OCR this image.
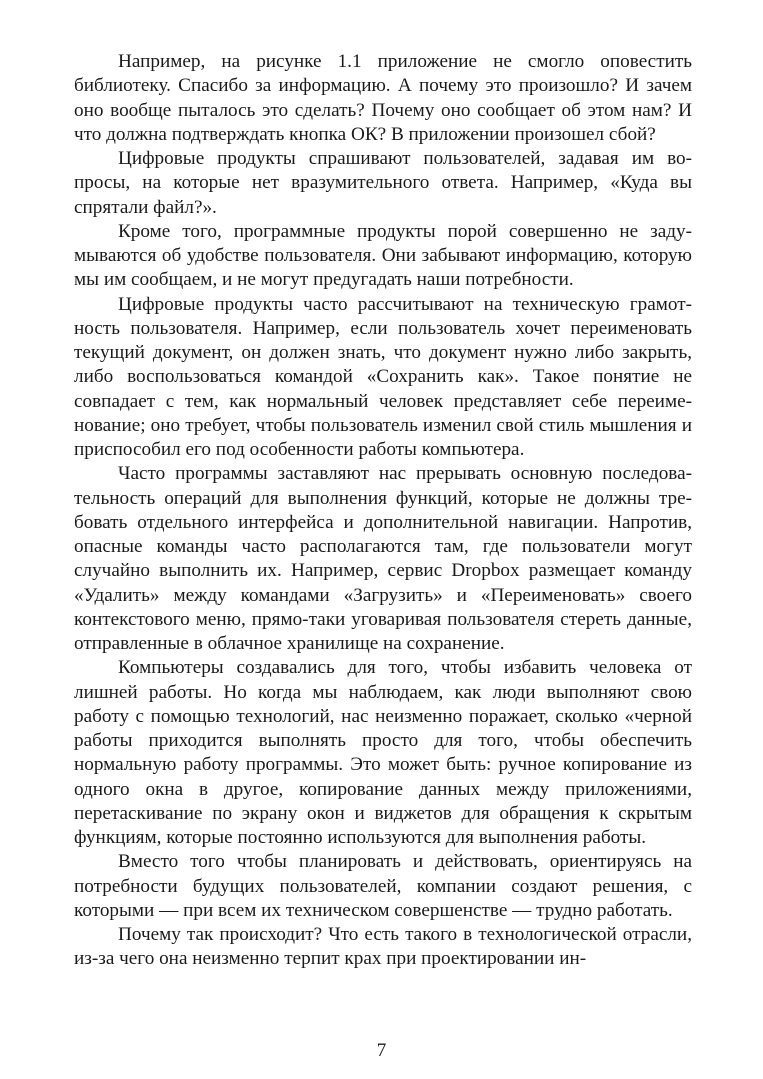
Например, на рисунке 1.1 приложение не смогло оповестить библиотеку. Спасибо за информацию. А почему это произошло? И зачем оно вообще пыталось это сделать? Почему оно сообщает об этом нам? И что должна подтверждать кнопка ОК? В приложении произошел сбой?

Цифровые продукты спрашивают пользователей, задавая им вопросы, на которые нет вразумительного ответа. Например, «Куда вы спрятали файл?».

Кроме того, программные продукты порой совершенно не задумываются об удобстве пользователя. Они забывают информацию, которую мы им сообщаем, и не могут предугадать наши потребности.

Цифровые продукты часто рассчитывают на техническую грамотность пользователя. Например, если пользователь хочет переименовать текущий документ, он должен знать, что документ нужно либо закрыть, либо воспользоваться командой «Сохранить как». Такое понятие не совпадает с тем, как нормальный человек представляет себе переименование; оно требует, чтобы пользователь изменил свой стиль мышления и приспособил его под особенности работы компьютера.

Часто программы заставляют нас прерывать основную последовательность операций для выполнения функций, которые не должны требовать отдельного интерфейса и дополнительной навигации. Напротив, опасные команды часто располагаются там, где пользователи могут случайно выполнить их. Например, сервис Dropbox размещает команду «Удалить» между командами «Загрузить» и «Переименовать» своего контекстового меню, прямо-таки уговаривая пользователя стереть данные, отправленные в облачное хранилище на сохранение.

Компьютеры создавались для того, чтобы избавить человека от лишней работы. Но когда мы наблюдаем, как люди выполняют свою работу с помощью технологий, нас неизменно поражает, сколько «черной работы приходится выполнять просто для того, чтобы обеспечить нормальную работу программы. Это может быть: ручное копирование из одного окна в другое, копирование данных между приложениями, перетаскивание по экрану окон и виджетов для обращения к скрытым функциям, которые постоянно используются для выполнения работы.

Вместо того чтобы планировать и действовать, ориентируясь на потребности будущих пользователей, компании создают решения, с которыми — при всем их техническом совершенстве — трудно работать.

Почему так происходит? Что есть такого в технологической отрасли, из-за чего она неизменно терпит крах при проектировании ин-

7
